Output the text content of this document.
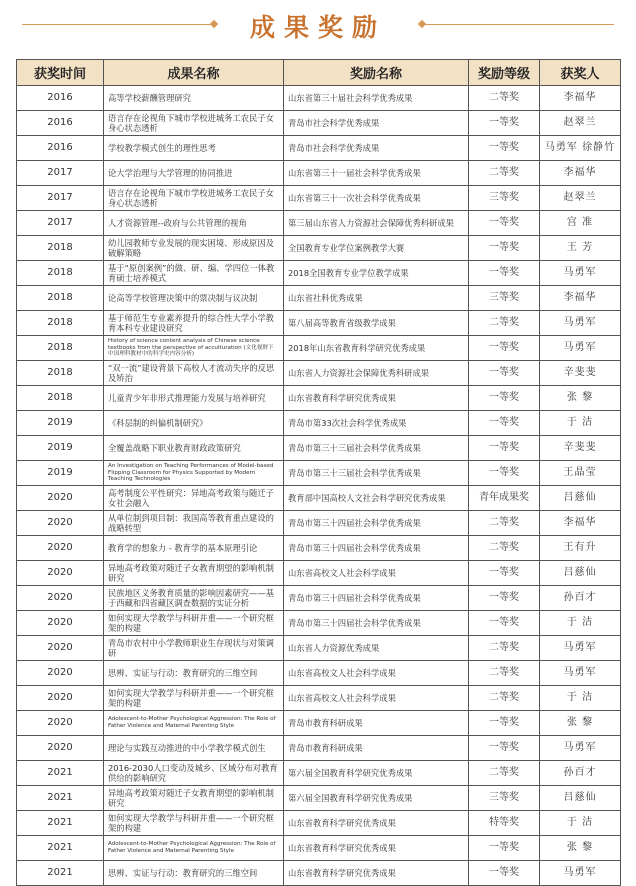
成果奖励
获奖时间	成果名称	奖励名称	奖励等级	获奖人
2016	高等学校薪酬管理研究	山东省第三十届社会科学优秀成果	二等奖	李福华
2016	语言存在论视角下城市学校进城务工农民子女身心状态透析	青岛市社会科学优秀成果	一等奖	赵翠兰
2016	学校教学模式创生的理性思考	青岛市社会科学优秀成果	一等奖	马勇军 徐静竹
2017	论大学治理与大学管理的协同推进	山东省第三十一届社会科学优秀成果	二等奖	李福华
2017	语言存在论视角下城市学校进城务工农民子女身心状态透析	山东省第三十一次社会科学优秀成果	三等奖	赵翠兰
2017	人才资源管理--政府与公共管理的视角	第三届山东省人力资源社会保障优秀科研成果	一等奖	宫 准
2018	幼儿园教师专业发展的现实困境、形成原因及破解策略	全国教育专业学位案例教学大赛	一等奖	王 芳
2018	基于“原创案例”的做、研、编、学四位一体教育硕士培养模式	2018全国教育专业学位教学成果	一等奖	马勇军
2018	论高等学校管理决策中的票决制与议决制	山东省社科优秀成果	三等奖	李福华
2018	基于师范生专业素养提升的综合性大学小学教育本科专业建设研究	第八届高等教育省级教学成果	二等奖	马勇军
2018	History of science content analysis of Chinese science textbooks from the perspective of acculturation (文化视野下中国理科教材中的科学史内容分析)	2018年山东省教育科学研究优秀成果	一等奖	马勇军
2018	“双一流”建设背景下高校人才流动失序的反思及矫治	山东省人力资源社会保障优秀科研成果	一等奖	辛斐斐
2018	儿童青少年非形式推理能力发展与培养研究	山东省教育科学研究优秀成果	一等奖	张 黎
2019	《科层制的纠偏机制研究》	青岛市第33次社会科学优秀成果	一等奖	于 洁
2019	全覆盖战略下职业教育财政政策研究	青岛市第三十三届社会科学优秀成果	一等奖	辛斐斐
2019	An Investigation on Teaching Performances of Model-based Flipping Classroom for Physics Supported by Modern Teaching Technologies	青岛市第三十三届社会科学优秀成果	一等奖	王晶莹
2020	高考制度公平性研究：异地高考政策与随迁子女社会融入	教育部中国高校人文社会科学研究优秀成果	青年成果奖	吕慈仙
2020	从单位制到项目制：我国高等教育重点建设的战略转型	青岛市第三十四届社会科学优秀成果	二等奖	李福华
2020	教育学的想象力 - 教育学的基本原理引论	青岛市第三十四届社会科学优秀成果	二等奖	王有升
2020	异地高考政策对随迁子女教育期望的影响机制研究	山东省高校文人社会科学成果	一等奖	吕慈仙
2020	民族地区义务教育质量的影响因素研究——基于西藏和四省藏区调查数据的实证分析	青岛市第三十四届社会科学优秀成果	一等奖	孙百才
2020	如何实现大学教学与科研并重——一个研究框架的构建	青岛市第三十四届社会科学优秀成果	一等奖	于 洁
2020	青岛市农村中小学教师职业生存现状与对策调研	山东省人力资源优秀成果	二等奖	马勇军
2020	思辨、实证与行动：教育研究的三维空间	山东省高校文人社会科学成果	二等奖	马勇军
2020	如何实现大学教学与科研并重——一个研究框架的构建	山东省高校文人社会科学成果	二等奖	于 洁
2020	Adolescent-to-Mother Psychological Aggression: The Role of Father Violence and Maternal Parenting Style	青岛市教育科研成果	一等奖	张 黎
2020	理论与实践互动推进的中小学教学模式创生	青岛市教育科研成果	一等奖	马勇军
2021	2016-2030人口变动及城乡、区域分布对教育供给的影响研究	第六届全国教育科学研究优秀成果	二等奖	孙百才
2021	异地高考政策对随迁子女教育期望的影响机制研究	第六届全国教育科学研究优秀成果	三等奖	吕慈仙
2021	如何实现大学教学与科研并重——一个研究框架的构建	山东省教育科学研究优秀成果	特等奖	于 洁
2021	Adolescent-to-Mother Psychological Aggression: The Role of Father Violence and Maternal Parenting Style	山东省教育科学研究优秀成果	一等奖	张 黎
2021	思辨、实证与行动：教育研究的三维空间	山东省教育科学研究优秀成果	一等奖	马勇军
